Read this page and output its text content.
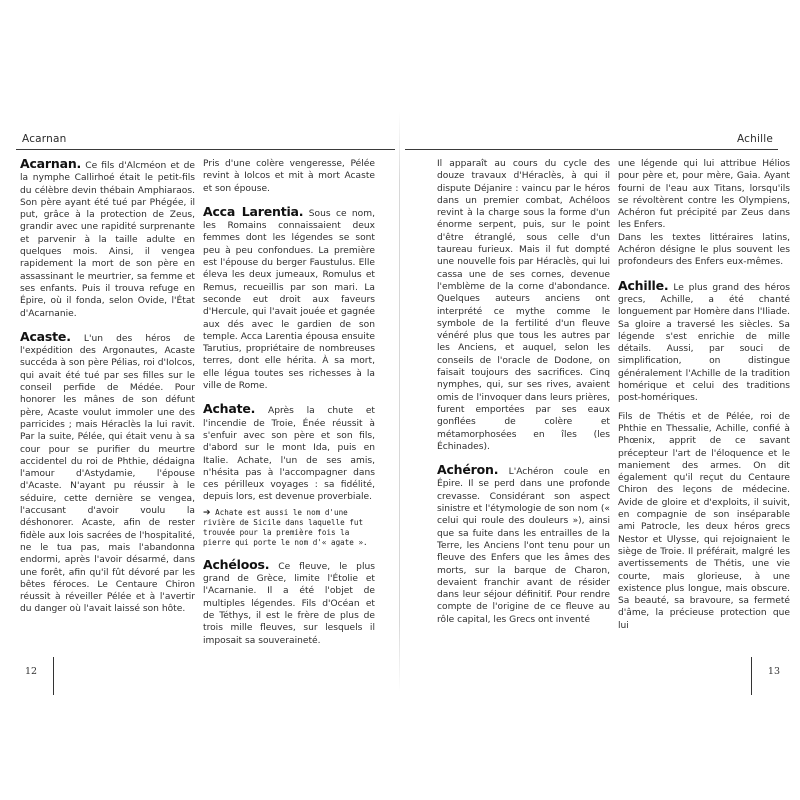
Acarnan

Acarnan. Ce fils d'Alcméon et de la nymphe Callirhoé était le petit-fils du célèbre devin thébain Amphiaraos. Son père ayant été tué par Phégée, il put, grâce à la protection de Zeus, grandir avec une rapidité surprenante et parvenir à la taille adulte en quelques mois. Ainsi, il vengea rapidement la mort de son père en assassinant le meurtrier, sa femme et ses enfants. Puis il trouva refuge en Épire, où il fonda, selon Ovide, l'État d'Acarnanie.

Acaste. L'un des héros de l'expédition des Argonautes, Acaste succéda à son père Pélias, roi d'Iolcos, qui avait été tué par ses filles sur le conseil perfide de Médée. Pour honorer les mânes de son défunt père, Acaste voulut immoler une des parricides ; mais Héraclès la lui ravit. Par la suite, Pélée, qui était venu à sa cour pour se purifier du meurtre accidentel du roi de Phthie, dédaigna l'amour d'Astydamie, l'épouse d'Acaste. N'ayant pu réussir à le séduire, cette dernière se vengea, l'accusant d'avoir voulu la déshonorer. Acaste, afin de rester fidèle aux lois sacrées de l'hospitalité, ne le tua pas, mais l'abandonna endormi, après l'avoir désarmé, dans une forêt, afin qu'il fût dévoré par les bêtes féroces. Le Centaure Chiron réussit à réveiller Pélée et à l'avertir du danger où l'avait laissé son hôte.

Pris d'une colère vengeresse, Pélée revint à Iolcos et mit à mort Acaste et son épouse.

Acca Larentia. Sous ce nom, les Romains connaissaient deux femmes dont les légendes se sont peu à peu confondues. La première est l'épouse du berger Faustulus. Elle éleva les deux jumeaux, Romulus et Remus, recueillis par son mari. La seconde eut droit aux faveurs d'Hercule, qui l'avait jouée et gagnée aux dés avec le gardien de son temple. Acca Larentia épousa ensuite Tarutius, propriétaire de nombreuses terres, dont elle hérita. À sa mort, elle légua toutes ses richesses à la ville de Rome.

Achate. Après la chute et l'incendie de Troie, Énée réussit à s'enfuir avec son père et son fils, d'abord sur le mont Ida, puis en Italie. Achate, l'un de ses amis, n'hésita pas à l'accompagner dans ces périlleux voyages : sa fidélité, depuis lors, est devenue proverbiale.

➔ Achate est aussi le nom d'une rivière de Sicile dans laquelle fut trouvée pour la première fois la pierre qui porte le nom d'« agate ».

Achéloos. Ce fleuve, le plus grand de Grèce, limite l'Étolie et l'Acarnanie. Il a été l'objet de multiples légendes. Fils d'Océan et de Téthys, il est le frère de plus de trois mille fleuves, sur lesquels il imposait sa souveraineté.

12
Achille

Il apparaît au cours du cycle des douze travaux d'Héraclès, à qui il dispute Déjanire : vaincu par le héros dans un premier combat, Achéloos revint à la charge sous la forme d'un énorme serpent, puis, sur le point d'être étranglé, sous celle d'un taureau furieux. Mais il fut dompté une nouvelle fois par Héraclès, qui lui cassa une de ses cornes, devenue l'emblème de la corne d'abondance. Quelques auteurs anciens ont interprété ce mythe comme le symbole de la fertilité d'un fleuve vénéré plus que tous les autres par les Anciens, et auquel, selon les conseils de l'oracle de Dodone, on faisait toujours des sacrifices. Cinq nymphes, qui, sur ses rives, avaient omis de l'invoquer dans leurs prières, furent emportées par ses eaux gonflées de colère et métamorphosées en îles (les Échinades).

Achéron. L'Achéron coule en Épire. Il se perd dans une profonde crevasse. Considérant son aspect sinistre et l'étymologie de son nom (« celui qui roule des douleurs »), ainsi que sa fuite dans les entrailles de la Terre, les Anciens l'ont tenu pour un fleuve des Enfers que les âmes des morts, sur la barque de Charon, devaient franchir avant de résider dans leur séjour définitif. Pour rendre compte de l'origine de ce fleuve au rôle capital, les Grecs ont inventé

une légende qui lui attribue Hélios pour père et, pour mère, Gaia. Ayant fourni de l'eau aux Titans, lorsqu'ils se révoltèrent contre les Olympiens, Achéron fut précipité par Zeus dans les Enfers.

Dans les textes littéraires latins, Achéron désigne le plus souvent les profondeurs des Enfers eux-mêmes.

Achille. Le plus grand des héros grecs, Achille, a été chanté longuement par Homère dans l'Iliade. Sa gloire a traversé les siècles. Sa légende s'est enrichie de mille détails. Aussi, par souci de simplification, on distingue généralement l'Achille de la tradition homérique et celui des traditions post-homériques.

Fils de Thétis et de Pélée, roi de Phthie en Thessalie, Achille, confié à Phœnix, apprit de ce savant précepteur l'art de l'éloquence et le maniement des armes. On dit également qu'il reçut du Centaure Chiron des leçons de médecine. Avide de gloire et d'exploits, il suivit, en compagnie de son inséparable ami Patrocle, les deux héros grecs Nestor et Ulysse, qui rejoignaient le siège de Troie. Il préférait, malgré les avertissements de Thétis, une vie courte, mais glorieuse, à une existence plus longue, mais obscure. Sa beauté, sa bravoure, sa fermeté d'âme, la précieuse protection que lui

13
